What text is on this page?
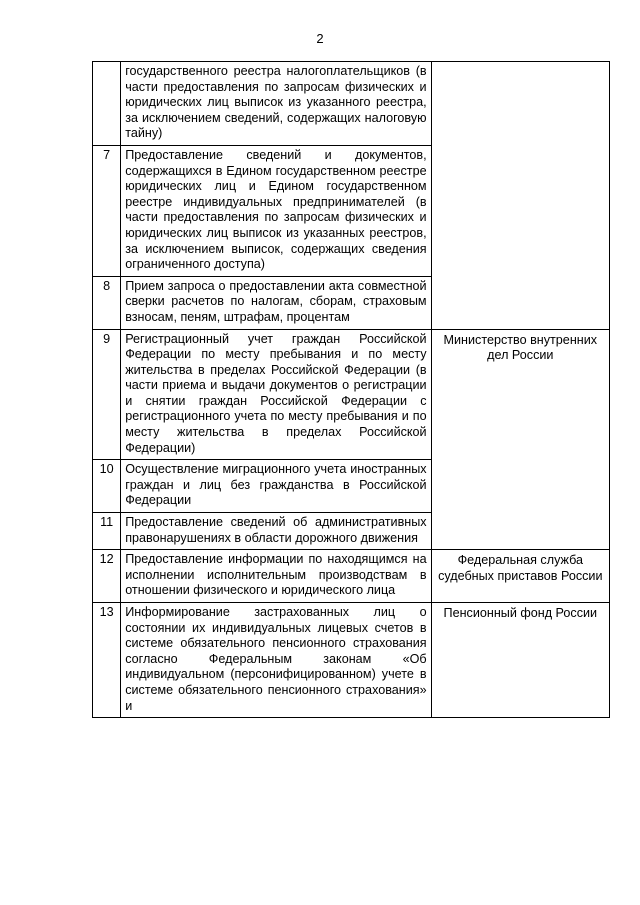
2
	государственного реестра налогоплательщиков (в части предоставления по запросам физических и юридических лиц выписок из указанного реестра, за исключением сведений, содержащих налоговую тайну)	
7	Предоставление сведений и документов, содержащихся в Едином государственном реестре юридических лиц и Едином государственном реестре индивидуальных предпринимателей (в части предоставления по запросам физических и юридических лиц выписок из указанных реестров, за исключением выписок, содержащих сведения ограниченного доступа)	
8	Прием запроса о предоставлении акта совместной сверки расчетов по налогам, сборам, страховым взносам, пеням, штрафам, процентам	
9	Регистрационный учет граждан Российской Федерации по месту пребывания и по месту жительства в пределах Российской Федерации (в части приема и выдачи документов о регистрации и снятии граждан Российской Федерации с регистрационного учета по месту пребывания и по месту жительства в пределах Российской Федерации)	Министерство внутренних дел России
10	Осуществление миграционного учета иностранных граждан и лиц без гражданства в Российской Федерации	
11	Предоставление сведений об административных правонарушениях в области дорожного движения	
12	Предоставление информации по находящимся на исполнении исполнительным производствам в отношении физического и юридического лица	Федеральная служба судебных приставов России
13	Информирование застрахованных лиц о состоянии их индивидуальных лицевых счетов в системе обязательного пенсионного страхования согласно Федеральным законам «Об индивидуальном (персонифицированном) учете в системе обязательного пенсионного страхования» и	Пенсионный фонд России
